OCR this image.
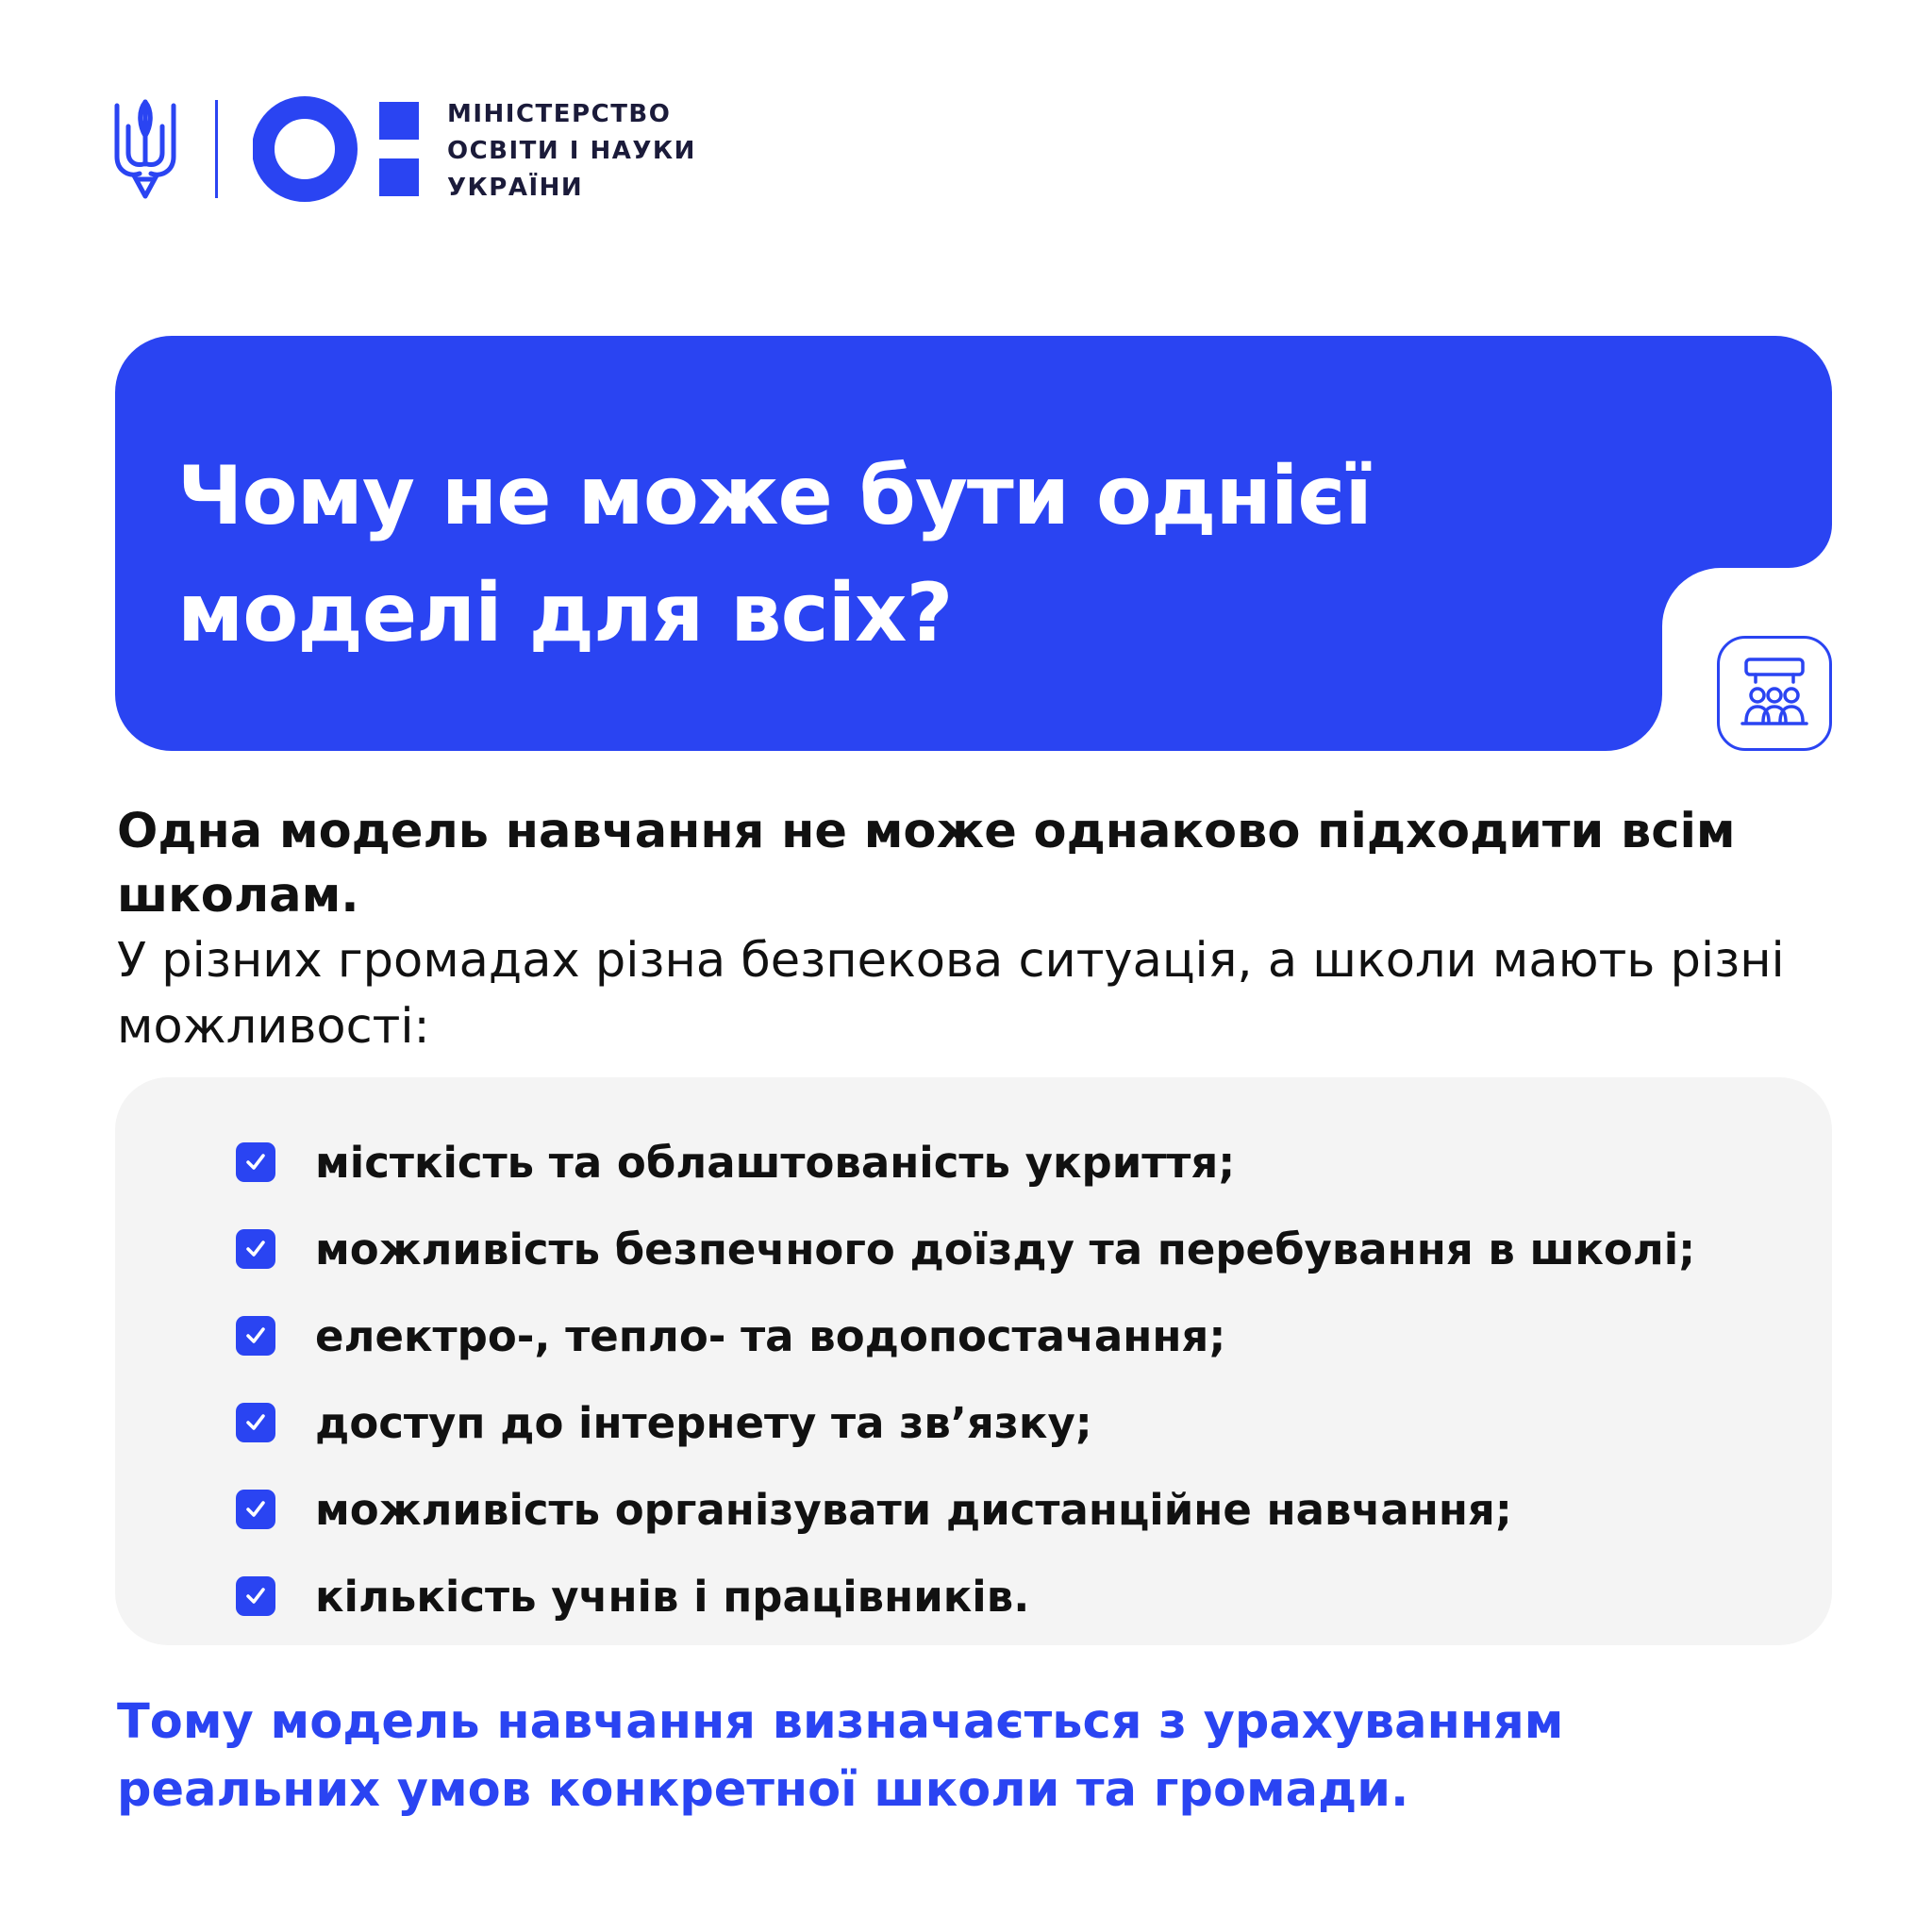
МІНІСТЕРСТВО
ОСВІТИ І НАУКИ
УКРАЇНИ
Чому не може бути однієї моделі для всіх?
Одна модель навчання не може однаково підходити всім школам.
У різних громадах різна безпекова ситуація, а школи мають різні можливості:
місткість та облаштованість укриття;
можливість безпечного доїзду та перебування в школі;
електро-, тепло- та водопостачання;
доступ до інтернету та зв’язку;
можливість організувати дистанційне навчання;
кількість учнів і працівників.
Тому модель навчання визначається з урахуванням реальних умов конкретної школи та громади.
